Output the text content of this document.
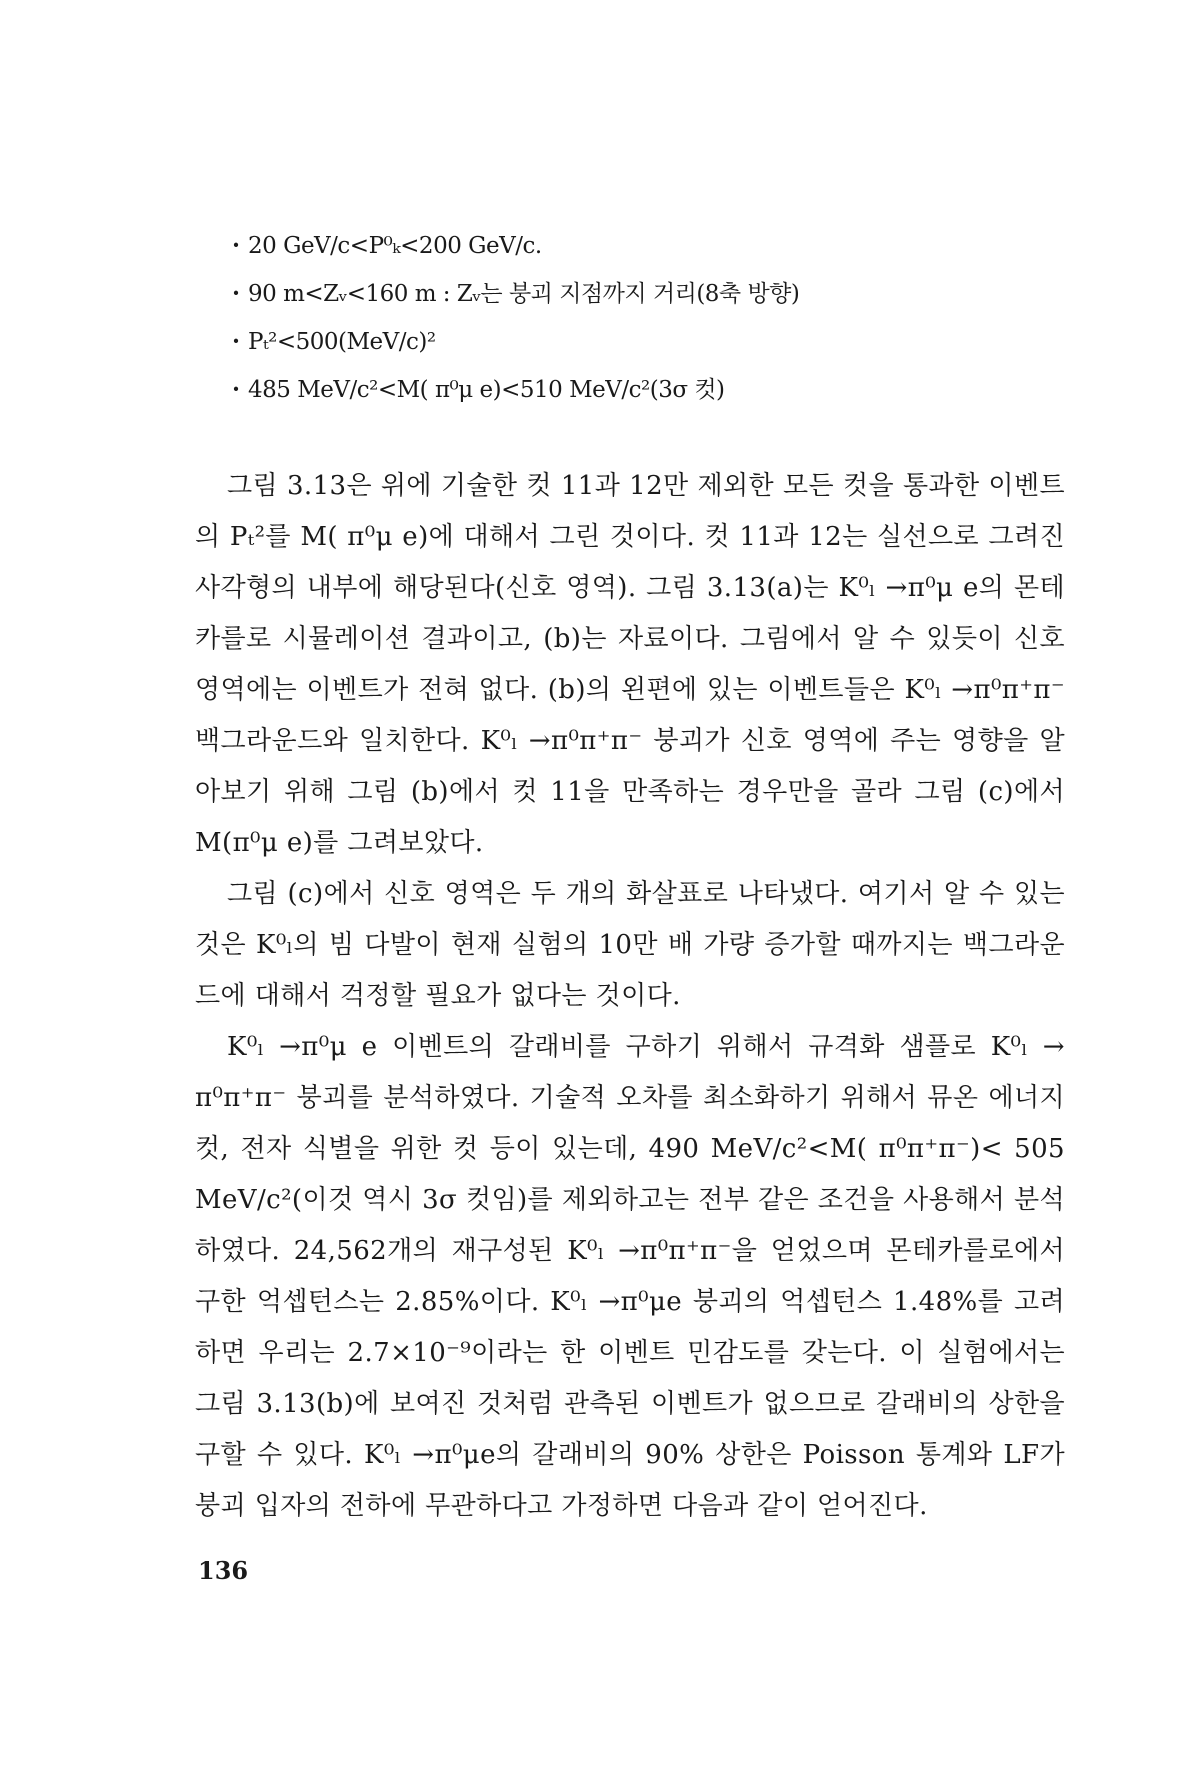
· 20 GeV/c<P⁰ₖ<200 GeV/c.
· 90 m<Zᵥ<160 m : Zᵥ는 붕괴 지점까지 거리(8축 방향)
· Pₜ²<500(MeV/c)²
· 485 MeV/c²<M( π⁰μ e)<510 MeV/c²(3σ 컷)

그림 3.13은 위에 기술한 컷 11과 12만 제외한 모든 컷을 통과한 이벤트의 Pₜ²를 M( π⁰μ e)에 대해서 그린 것이다. 컷 11과 12는 실선으로 그려진 사각형의 내부에 해당된다(신호 영역). 그림 3.13(a)는 K⁰ₗ →π⁰μ e의 몬테카를로 시뮬레이션 결과이고, (b)는 자료이다. 그림에서 알 수 있듯이 신호 영역에는 이벤트가 전혀 없다. (b)의 왼편에 있는 이벤트들은 K⁰ₗ →π⁰π⁺π⁻ 백그라운드와 일치한다. K⁰ₗ →π⁰π⁺π⁻ 붕괴가 신호 영역에 주는 영향을 알아보기 위해 그림 (b)에서 컷 11을 만족하는 경우만을 골라 그림 (c)에서 M(π⁰μ e)를 그려보았다.

그림 (c)에서 신호 영역은 두 개의 화살표로 나타냈다. 여기서 알 수 있는 것은 K⁰ₗ의 빔 다발이 현재 실험의 10만 배 가량 증가할 때까지는 백그라운드에 대해서 걱정할 필요가 없다는 것이다.

K⁰ₗ →π⁰μ e 이벤트의 갈래비를 구하기 위해서 규격화 샘플로 K⁰ₗ → π⁰π⁺π⁻ 붕괴를 분석하였다. 기술적 오차를 최소화하기 위해서 뮤온 에너지 컷, 전자 식별을 위한 컷 등이 있는데, 490 MeV/c²<M( π⁰π⁺π⁻)< 505 MeV/c²(이것 역시 3σ 컷임)를 제외하고는 전부 같은 조건을 사용해서 분석하였다. 24,562개의 재구성된 K⁰ₗ →π⁰π⁺π⁻을 얻었으며 몬테카를로에서 구한 억셉턴스는 2.85%이다. K⁰ₗ →π⁰μe 붕괴의 억셉턴스 1.48%를 고려하면 우리는 2.7×10⁻⁹이라는 한 이벤트 민감도를 갖는다. 이 실험에서는 그림 3.13(b)에 보여진 것처럼 관측된 이벤트가 없으므로 갈래비의 상한을 구할 수 있다. K⁰ₗ →π⁰μe의 갈래비의 90% 상한은 Poisson 통계와 LF가 붕괴 입자의 전하에 무관하다고 가정하면 다음과 같이 얻어진다.

136
